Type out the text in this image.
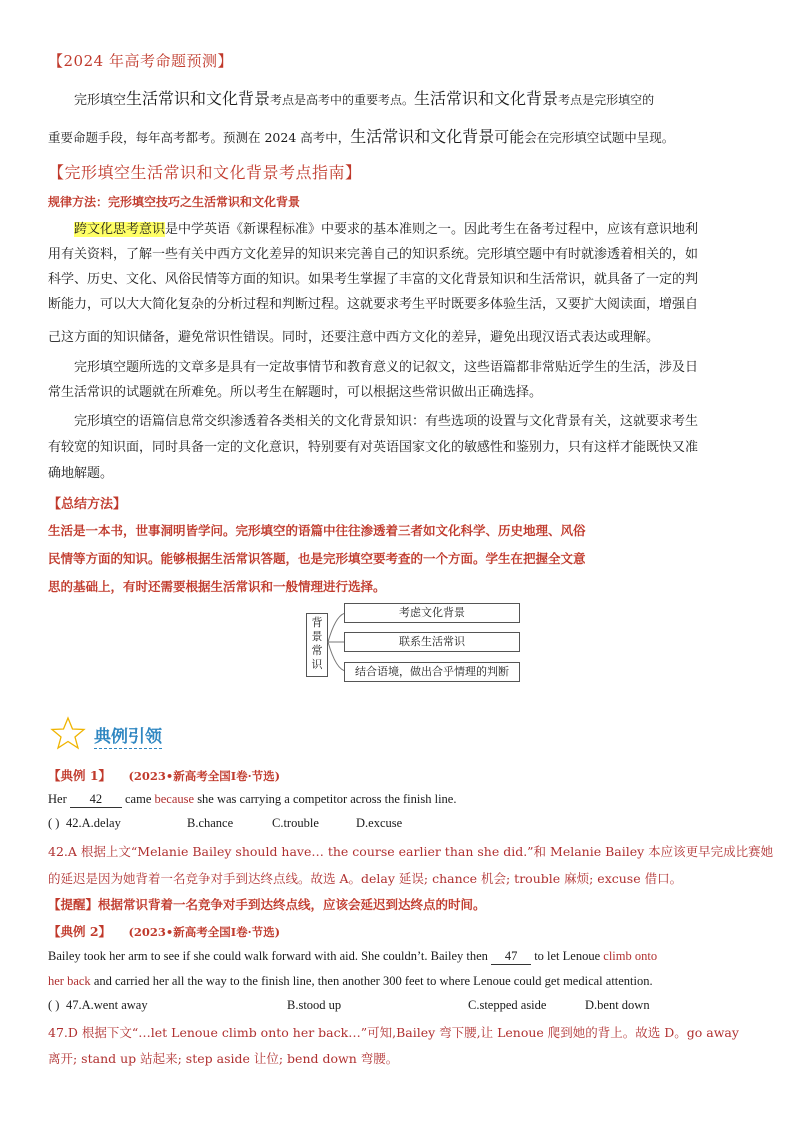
【2024 年高考命题预测】
完形填空生活常识和文化背景考点是高考中的重要考点。生活常识和文化背景考点是完形填空的
重要命题手段，每年高考都考。预测在 2024 高考中，生活常识和文化背景可能会在完形填空试题中呈现。
【完形填空生活常识和文化背景考点指南】
规律方法：完形填空技巧之生活常识和文化背景
跨文化思考意识是中学英语《新课程标准》中要求的基本准则之一。因此考生在备考过程中，应该有意识地利
用有关资料，了解一些有关中西方文化差异的知识来完善自己的知识系统。完形填空题中有时就渗透着相关的，如
科学、历史、文化、风俗民情等方面的知识。如果考生掌握了丰富的文化背景知识和生活常识，就具备了一定的判
断能力，可以大大简化复杂的分析过程和判断过程。这就要求考生平时既要多体验生活，又要扩大阅读面，增强自
己这方面的知识储备，避免常识性错误。同时，还要注意中西方文化的差异，避免出现汉语式表达或理解。
完形填空题所选的文章多是具有一定故事情节和教育意义的记叙文，这些语篇都非常贴近学生的生活，涉及日
常生活常识的试题就在所难免。所以考生在解题时，可以根据这些常识做出正确选择。
完形填空的语篇信息常交织渗透着各类相关的文化背景知识：有些选项的设置与文化背景有关，这就要求考生
有较宽的知识面，同时具备一定的文化意识，特别要有对英语国家文化的敏感性和鉴别力，只有这样才能既快又准
确地解题。
【总结方法】
生活是一本书，世事洞明皆学问。完形填空的语篇中往往渗透着三者如文化科学、历史地理、风俗
民情等方面的知识。能够根据生活常识答题，也是完形填空要考查的一个方面。学生在把握全文意
思的基础上，有时还需要根据生活常识和一般情理进行选择。
背景常识
考虑文化背景
联系生活常识
结合语境，做出合乎情理的判断
典例引领
【典例 1】 (2023•新高考全国Ⅰ卷·节选)
Her 42 came because she was carrying a competitor across the finish line.
( ) 42.A.delay	B.chance	C.trouble	D.excuse
42.A 根据上文“Melanie Bailey should have… the course earlier than she did.”和 Melanie Bailey 本应该更早完成比赛她
的延迟是因为她背着一名竞争对手到达终点线。故选 A。delay 延误; chance 机会; trouble 麻烦; excuse 借口。
【提醒】根据常识背着一名竞争对手到达终点线，应该会延迟到达终点的时间。
【典例 2】 (2023•新高考全国Ⅰ卷·节选)
Bailey took her arm to see if she could walk forward with aid. She couldn’t. Bailey then 47 to let Lenoue climb onto
her back and carried her all the way to the finish line, then another 300 feet to where Lenoue could get medical attention.
( ) 47.A.went away	B.stood up	C.stepped aside	D.bent down
47.D 根据下文“…let Lenoue climb onto her back…”可知,Bailey 弯下腰,让 Lenoue 爬到她的背上。故选 D。go away
离开; stand up 站起来; step aside 让位; bend down 弯腰。
